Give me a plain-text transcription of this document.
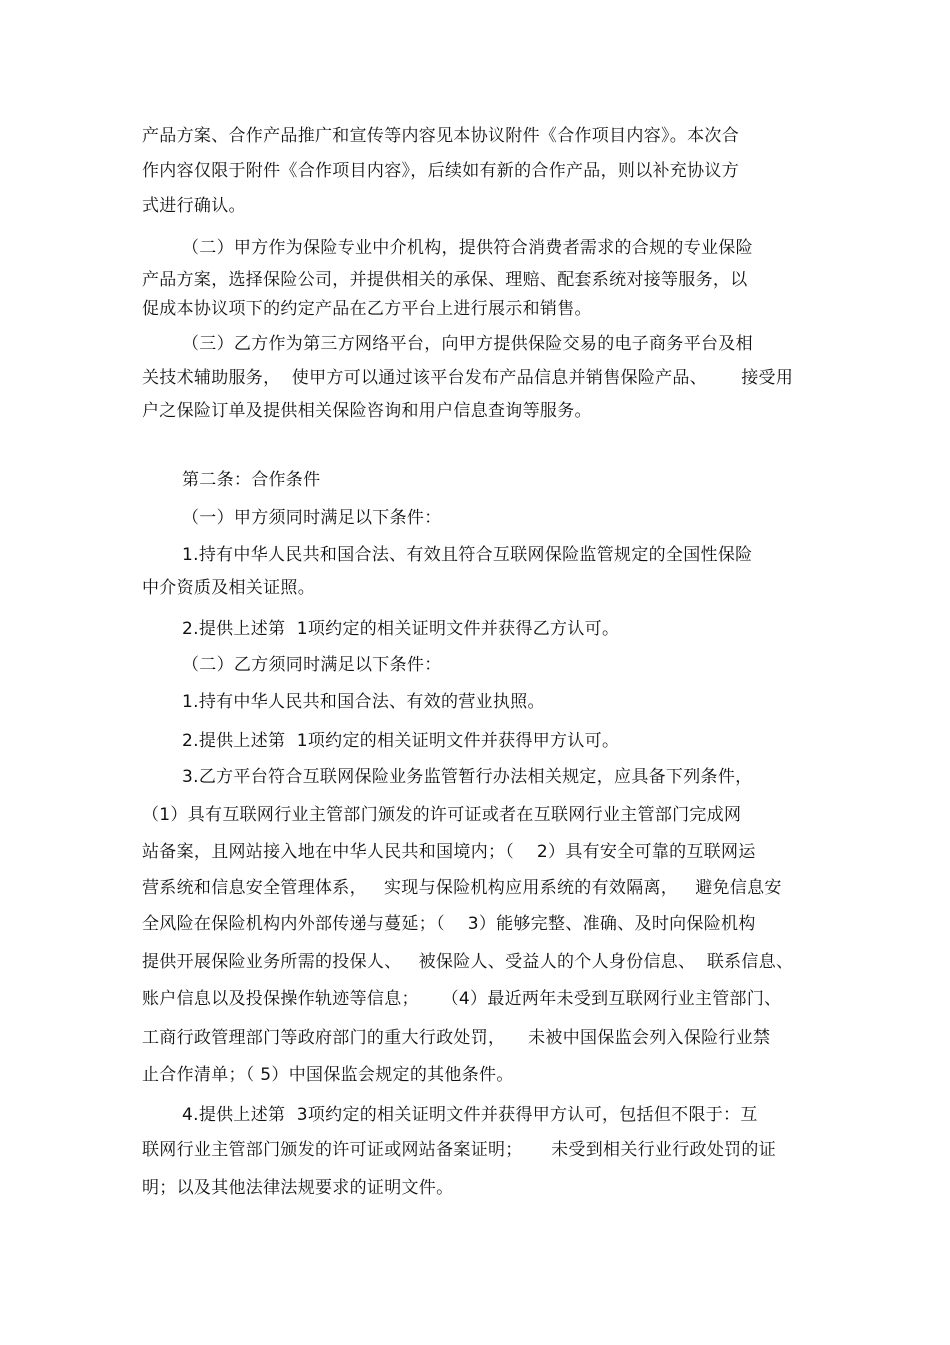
产品方案、合作产品推广和宣传等内容见本协议附件《合作项目内容》。本次合
作内容仅限于附件《合作项目内容》，后续如有新的合作产品，则以补充协议方
式进行确认。
（二）甲方作为保险专业中介机构，提供符合消费者需求的合规的专业保险
产品方案，选择保险公司，并提供相关的承保、理赔、配套系统对接等服务，以
促成本协议项下的约定产品在乙方平台上进行展示和销售。
（三）乙方作为第三方网络平台，向甲方提供保险交易的电子商务平台及相
关技术辅助服务，  使甲方可以通过该平台发布产品信息并销售保险产品、      接受用
户之保险订单及提供相关保险咨询和用户信息查询等服务。
第二条：合作条件
（一）甲方须同时满足以下条件：
1.持有中华人民共和国合法、有效且符合互联网保险监管规定的全国性保险
中介资质及相关证照。
2.提供上述第  1项约定的相关证明文件并获得乙方认可。
（二）乙方须同时满足以下条件：
1.持有中华人民共和国合法、有效的营业执照。
2.提供上述第  1项约定的相关证明文件并获得甲方认可。
3.乙方平台符合互联网保险业务监管暂行办法相关规定，应具备下列条件，
（1）具有互联网行业主管部门颁发的许可证或者在互联网行业主管部门完成网
站备案，且网站接入地在中华人民共和国境内；（    2）具有安全可靠的互联网运
营系统和信息安全管理体系，   实现与保险机构应用系统的有效隔离，   避免信息安
全风险在保险机构内外部传递与蔓延；（    3）能够完整、准确、及时向保险机构
提供开展保险业务所需的投保人、   被保险人、受益人的个人身份信息、  联系信息、
账户信息以及投保操作轨迹等信息；    （4）最近两年未受到互联网行业主管部门、
工商行政管理部门等政府部门的重大行政处罚，    未被中国保监会列入保险行业禁
止合作清单；（ 5）中国保监会规定的其他条件。
4.提供上述第  3项约定的相关证明文件并获得甲方认可，包括但不限于：互
联网行业主管部门颁发的许可证或网站备案证明；     未受到相关行业行政处罚的证
明；以及其他法律法规要求的证明文件。
